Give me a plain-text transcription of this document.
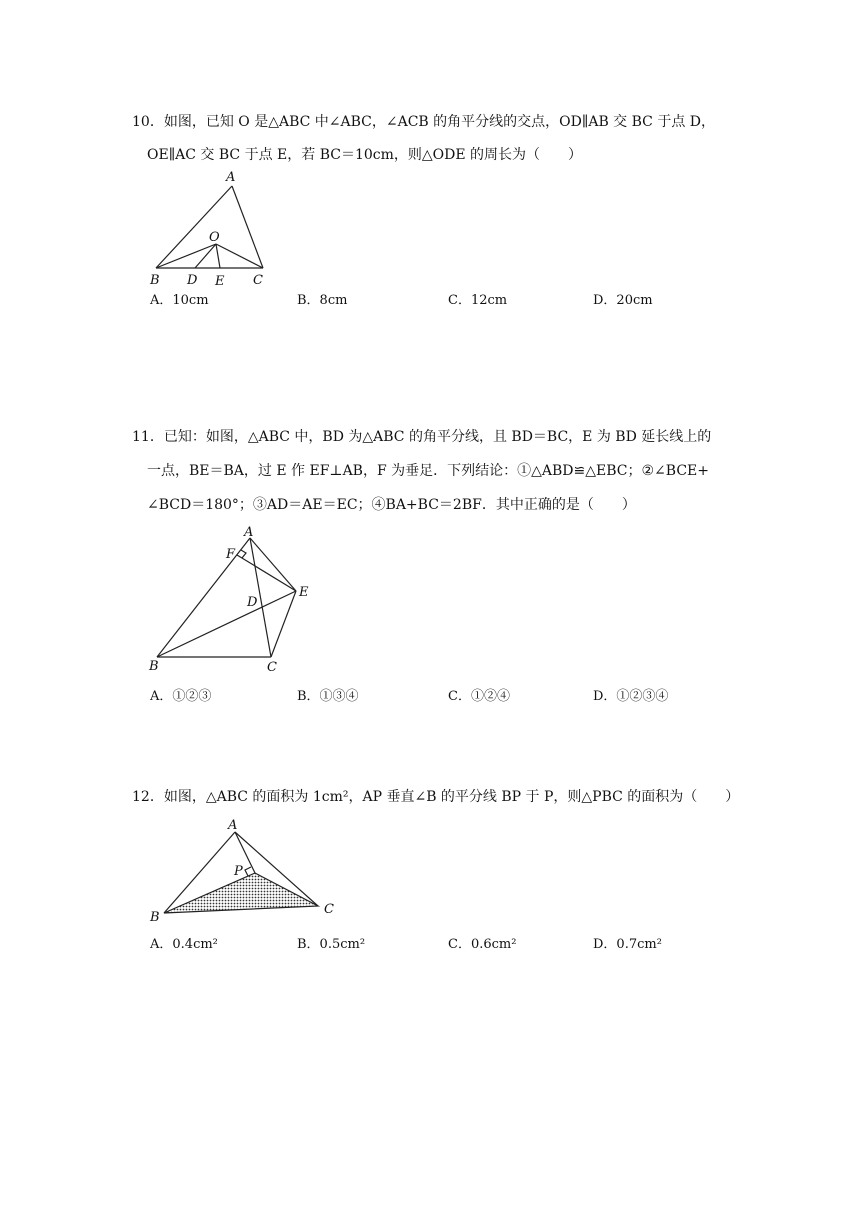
10．如图，已知 O 是△ABC 中∠ABC，∠ACB 的角平分线的交点，OD∥AB 交 BC 于点 D，
OE∥AC 交 BC 于点 E，若 BC＝10cm，则△ODE 的周长为（　　）
A
O
B D E C
A．10cm	B．8cm	C．12cm	D．20cm
11．已知：如图，△ABC 中，BD 为△ABC 的角平分线，且 BD＝BC，E 为 BD 延长线上的
一点，BE＝BA，过 E 作 EF⊥AB，F 为垂足．下列结论：①△ABD≌△EBC；②∠BCE+
∠BCD＝180°；③AD＝AE＝EC；④BA+BC＝2BF．其中正确的是（　　）
A
F
E
D
B	C
A．①②③	B．①③④	C．①②④	D．①②③④
12．如图，△ABC 的面积为 1cm²，AP 垂直∠B 的平分线 BP 于 P，则△PBC 的面积为（　　）
A
P
B
C
A．0.4cm²	B．0.5cm²	C．0.6cm²	D．0.7cm²
